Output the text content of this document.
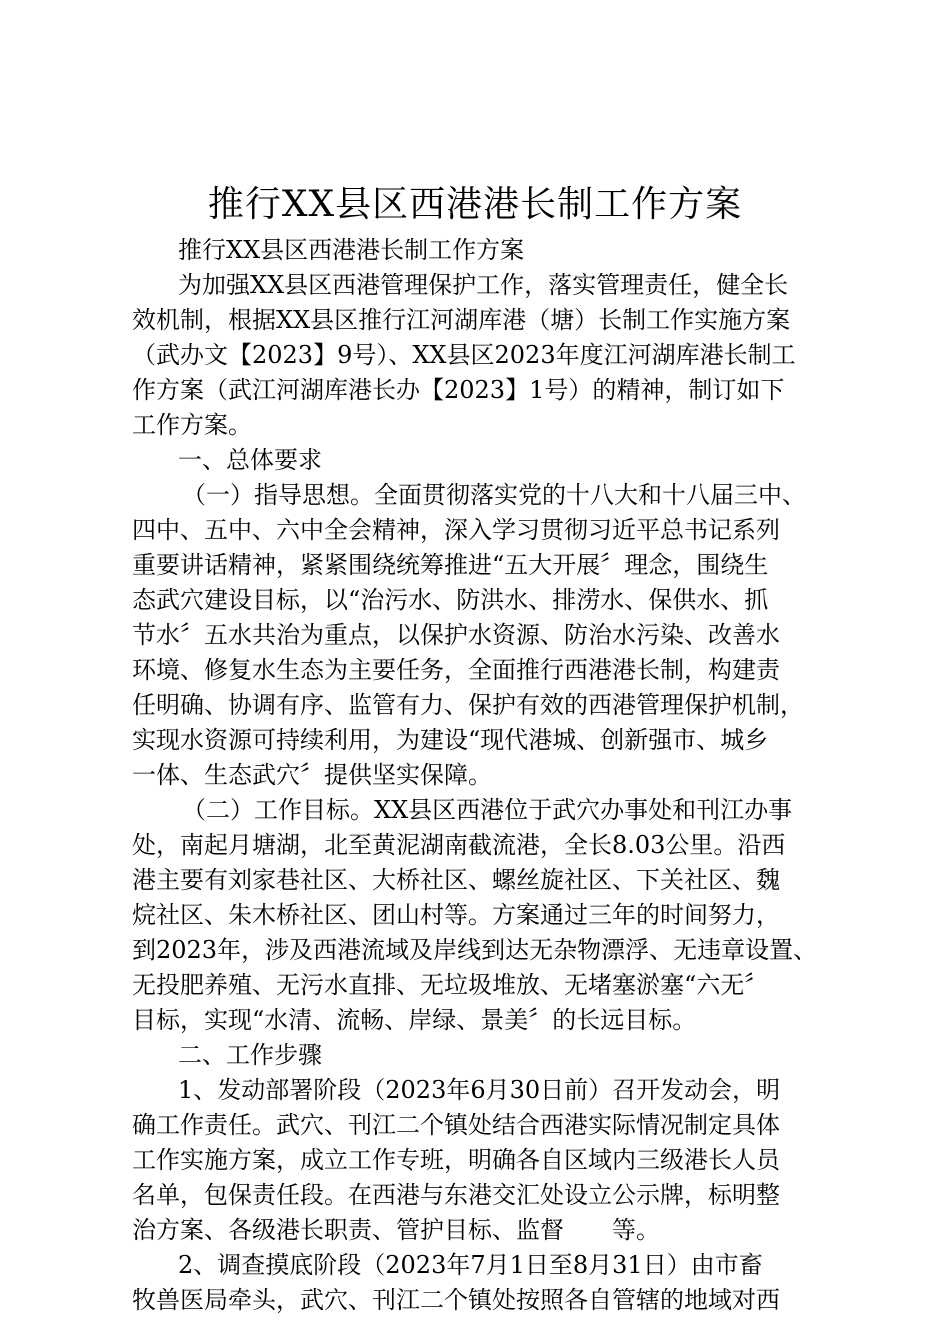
推行XX县区西港港长制工作方案
推行XX县区西港港长制工作方案
为加强XX县区西港管理保护工作，落实管理责任，健全长
效机制，根据XX县区推行江河湖库港（塘）长制工作实施方案
（武办文【2023】9号）、XX县区2023年度江河湖库港长制工
作方案（武江河湖库港长办【2023】1号）的精神，制订如下
工作方案。
一、总体要求
（一）指导思想。全面贯彻落实党的十八大和十八届三中、
四中、五中、六中全会精神，深入学习贯彻习近平总书记系列
重要讲话精神，紧紧围绕统筹推进“五大开展〞理念，围绕生
态武穴建设目标，以“治污水、防洪水、排涝水、保供水、抓
节水〞五水共治为重点，以保护水资源、防治水污染、改善水
环境、修复水生态为主要任务，全面推行西港港长制，构建责
任明确、协调有序、监管有力、保护有效的西港管理保护机制，
实现水资源可持续利用，为建设“现代港城、创新强市、城乡
一体、生态武穴〞提供坚实保障。
（二）工作目标。XX县区西港位于武穴办事处和刊江办事
处，南起月塘湖，北至黄泥湖南截流港，全长8.03公里。沿西
港主要有刘家巷社区、大桥社区、螺丝旋社区、下关社区、魏
烷社区、朱木桥社区、团山村等。方案通过三年的时间努力，
到2023年，涉及西港流域及岸线到达无杂物漂浮、无违章设置、
无投肥养殖、无污水直排、无垃圾堆放、无堵塞淤塞“六无〞
目标，实现“水清、流畅、岸绿、景美〞的长远目标。
二、工作步骤
1、发动部署阶段（2023年6月30日前）召开发动会，明
确工作责任。武穴、刊江二个镇处结合西港实际情况制定具体
工作实施方案，成立工作专班，明确各自区域内三级港长人员
名单，包保责任段。在西港与东港交汇处设立公示牌，标明整
治方案、各级港长职责、管护目标、监督　　等。
2、调查摸底阶段（2023年7月1日至8月31日）由市畜
牧兽医局牵头，武穴、刊江二个镇处按照各自管辖的地域对西
